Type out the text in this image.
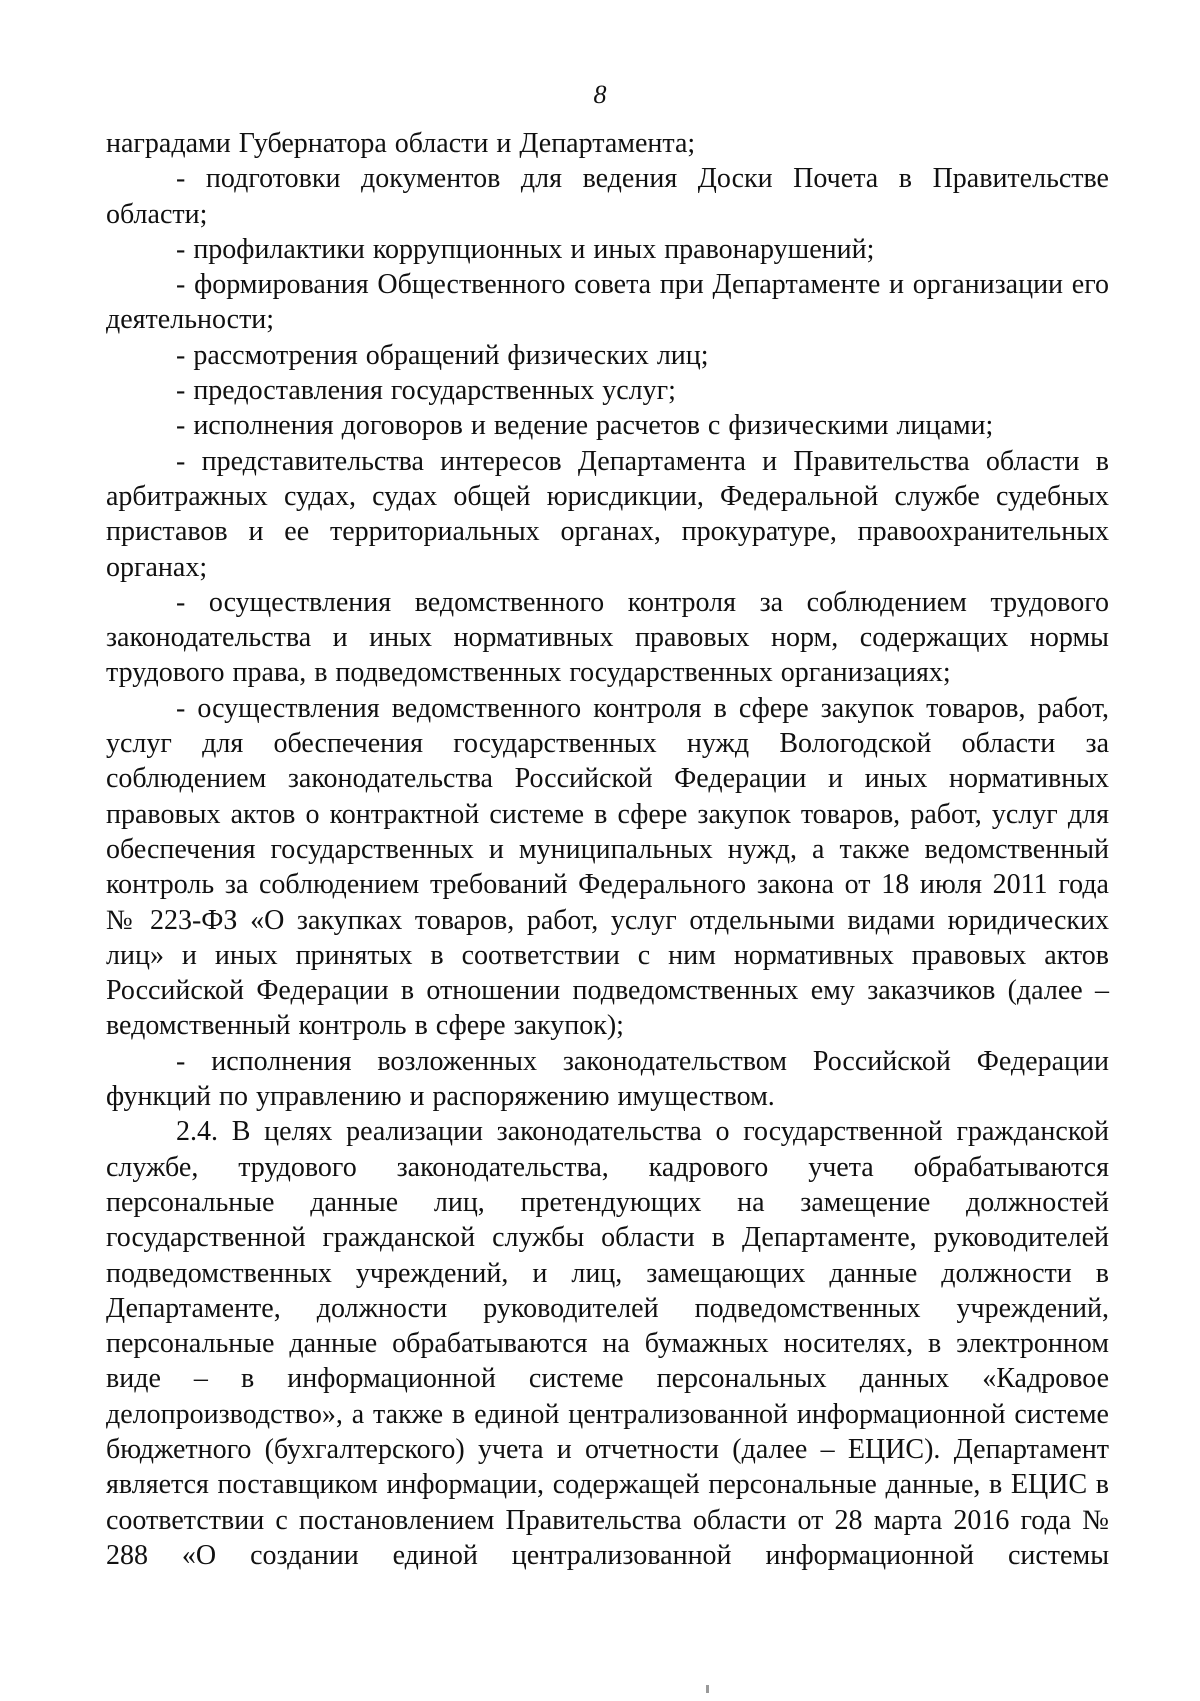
8

наградами Губернатора области и Департамента;

- подготовки документов для ведения Доски Почета в Правительстве области;

- профилактики коррупционных и иных правонарушений;

- формирования Общественного совета при Департаменте и организации его деятельности;

- рассмотрения обращений физических лиц;

- предоставления государственных услуг;

- исполнения договоров и ведение расчетов с физическими лицами;

- представительства интересов Департамента и Правительства области в арбитражных судах, судах общей юрисдикции, Федеральной службе судебных приставов и ее территориальных органах, прокуратуре, правоохранительных органах;

- осуществления ведомственного контроля за соблюдением трудового законодательства и иных нормативных правовых норм, содержащих нормы трудового права, в подведомственных государственных организациях;

- осуществления ведомственного контроля в сфере закупок товаров, работ, услуг для обеспечения государственных нужд Вологодской области за соблюдением законодательства Российской Федерации и иных нормативных правовых актов о контрактной системе в сфере закупок товаров, работ, услуг для обеспечения государственных и муниципальных нужд, а также ведомственный контроль за соблюдением требований Федерального закона от 18 июля 2011 года № 223-ФЗ «О закупках товаров, работ, услуг отдельными видами юридических лиц» и иных принятых в соответствии с ним нормативных правовых актов Российской Федерации в отношении подведомственных ему заказчиков (далее – ведомственный контроль в сфере закупок);

- исполнения возложенных законодательством Российской Федерации функций по управлению и распоряжению имуществом.

2.4. В целях реализации законодательства о государственной гражданской службе, трудового законодательства, кадрового учета обрабатываются персональные данные лиц, претендующих на замещение должностей государственной гражданской службы области в Департаменте, руководителей подведомственных учреждений, и лиц, замещающих данные должности в Департаменте, должности руководителей подведомственных учреждений, персональные данные обрабатываются на бумажных носителях, в электронном виде – в информационной системе персональных данных «Кадровое делопроизводство», а также в единой централизованной информационной системе бюджетного (бухгалтерского) учета и отчетности (далее – ЕЦИС). Департамент является поставщиком информации, содержащей персональные данные, в ЕЦИС в соответствии с постановлением Правительства области от 28 марта 2016 года № 288 «О создании единой централизованной информационной системы
